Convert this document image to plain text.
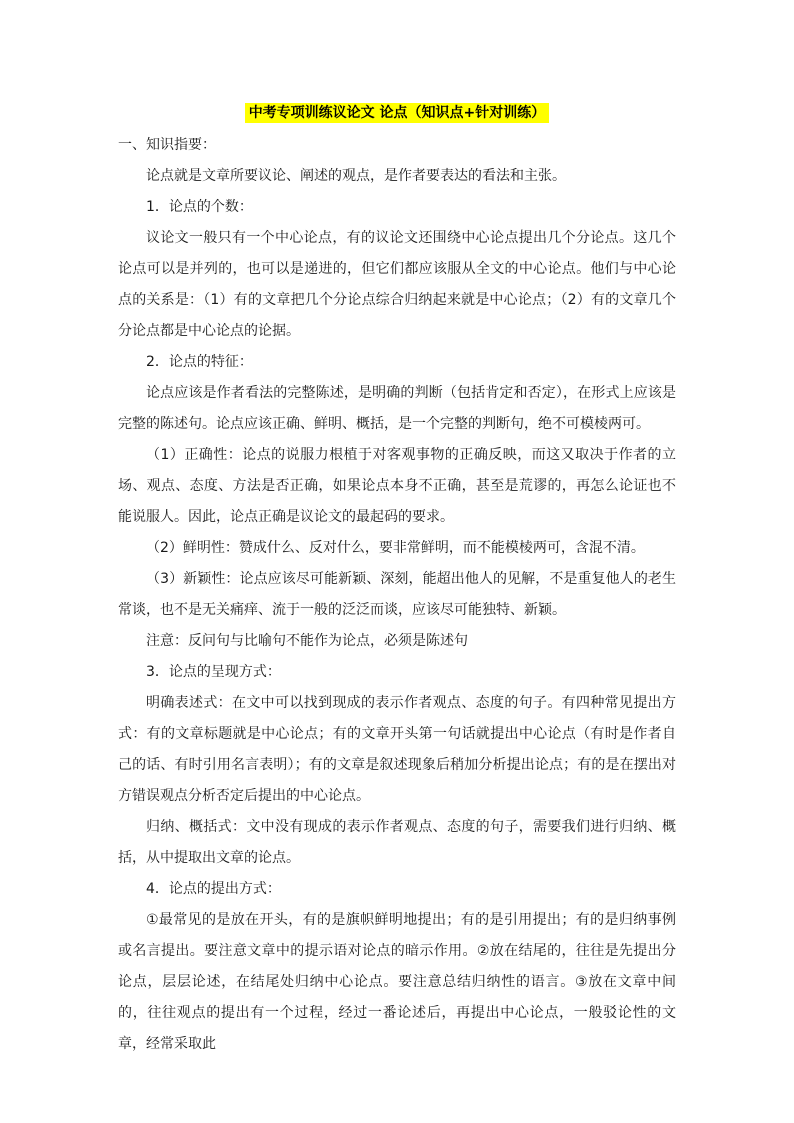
中考专项训练议论文 论点（知识点+针对训练）

一、知识指要：

论点就是文章所要议论、阐述的观点，是作者要表达的看法和主张。

1．论点的个数：

议论文一般只有一个中心论点，有的议论文还围绕中心论点提出几个分论点。这几个论点可以是并列的，也可以是递进的，但它们都应该服从全文的中心论点。他们与中心论点的关系是：（1）有的文章把几个分论点综合归纳起来就是中心论点；（2）有的文章几个分论点都是中心论点的论据。

2．论点的特征：

论点应该是作者看法的完整陈述，是明确的判断（包括肯定和否定），在形式上应该是完整的陈述句。论点应该正确、鲜明、概括，是一个完整的判断句，绝不可模棱两可。

（1）正确性：论点的说服力根植于对客观事物的正确反映，而这又取决于作者的立场、观点、态度、方法是否正确，如果论点本身不正确，甚至是荒谬的，再怎么论证也不能说服人。因此，论点正确是议论文的最起码的要求。

（2）鲜明性：赞成什么、反对什么，要非常鲜明，而不能模棱两可，含混不清。

（3）新颖性：论点应该尽可能新颖、深刻，能超出他人的见解，不是重复他人的老生常谈，也不是无关痛痒、流于一般的泛泛而谈，应该尽可能独特、新颖。

注意：反问句与比喻句不能作为论点，必须是陈述句

3．论点的呈现方式：

明确表述式：在文中可以找到现成的表示作者观点、态度的句子。有四种常见提出方式：有的文章标题就是中心论点；有的文章开头第一句话就提出中心论点（有时是作者自己的话、有时引用名言表明）；有的文章是叙述现象后稍加分析提出论点；有的是在摆出对方错误观点分析否定后提出的中心论点。

归纳、概括式：文中没有现成的表示作者观点、态度的句子，需要我们进行归纳、概括，从中提取出文章的论点。

4．论点的提出方式：

①最常见的是放在开头，有的是旗帜鲜明地提出；有的是引用提出；有的是归纳事例或名言提出。要注意文章中的提示语对论点的暗示作用。②放在结尾的，往往是先提出分论点，层层论述，在结尾处归纳中心论点。要注意总结归纳性的语言。③放在文章中间的，往往观点的提出有一个过程，经过一番论述后，再提出中心论点，一般驳论性的文章，经常采取此
